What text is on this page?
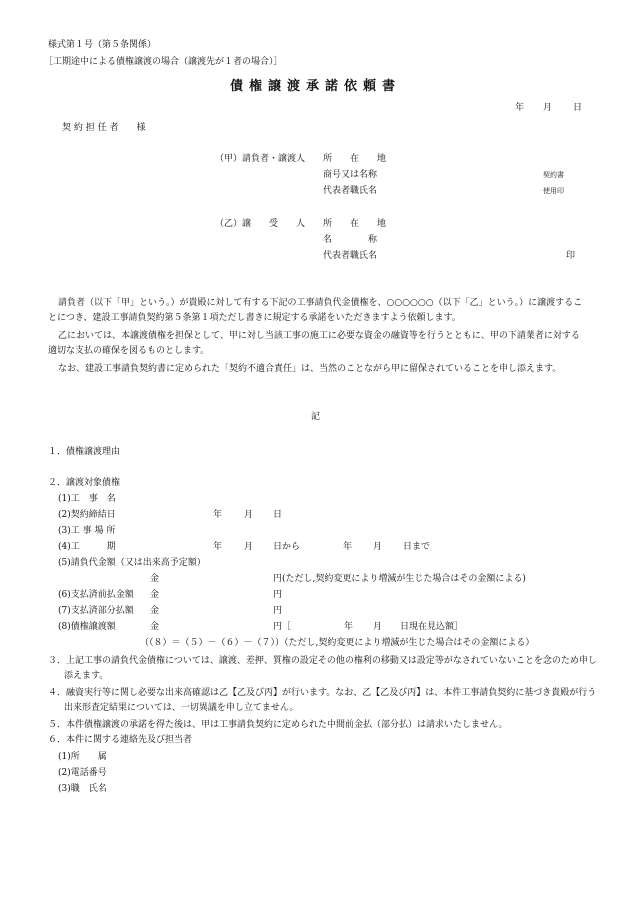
様式第１号（第５条関係）
［工期途中による債権譲渡の場合（譲渡先が１者の場合）］
債権譲渡承諾依頼書
年 月 日
契 約 担 任 者　　様
（甲）請負者・譲渡人 所　　在　　地
商号又は名称
代表者職氏名
契約書
使用印
（乙）譲　　受　　人 所　　在　　地
名　　　　称
代表者職氏名	印
請負者（以下「甲」という。）が貴殿に対して有する下記の工事請負代金債権を、○○○○○○（以下「乙」という。）に譲渡することにつき、建設工事請負契約第５条第１項ただし書きに規定する承諾をいただきますよう依頼します。
乙においては、本譲渡債権を担保として、甲に対し当該工事の施工に必要な資金の融資等を行うとともに、甲の下請業者に対する適切な支払の確保を図るものとします。
なお、建設工事請負契約書に定められた「契約不適合責任」は、当然のことながら甲に留保されていることを申し添えます。
記
１．債権譲渡理由
２．譲渡対象債権
(1)工　事　名
(2)契約締結日	年 月 日
(3)工 事 場 所
(4)工　　　期	年 月 日から	年 月 日まで
(5)請負代金額（又は出来高予定額）
金	円(ただし,契約変更により増減が生じた場合はその金額による)
(6)支払済前払金額 金	円
(7)支払済部分払額 金	円
(8)債権譲渡額	金	円［	年 月 日現在見込額］
（（８）＝（５）－（６）－（７））（ただし,契約変更により増減が生じた場合はその金額による）
３．上記工事の請負代金債権については、譲渡、差押、質権の設定その他の権利の移動又は設定等がなされていないことを念のため申し添えます。
４．融資実行等に関し必要な出来高確認は乙【乙及び丙】が行います。なお、乙【乙及び丙】は、本件工事請負契約に基づき貴殿が行う出来形査定結果については、一切異議を申し立てません。
５．本件債権譲渡の承諾を得た後は、甲は工事請負契約に定められた中間前金払（部分払）は請求いたしません。
６．本件に関する連絡先及び担当者
(1)所　　属
(2)電話番号
(3)職　氏名
